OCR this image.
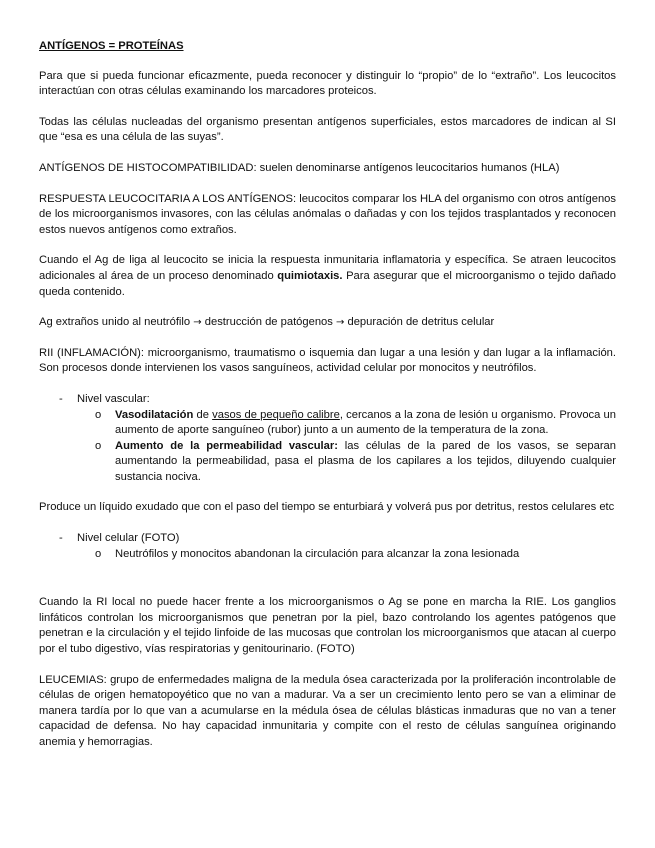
ANTÍGENOS = PROTEÍNAS

Para que si pueda funcionar eficazmente, pueda reconocer y distinguir lo “propio” de lo “extraño”. Los leucocitos interactúan con otras células examinando los marcadores proteicos.

Todas las células nucleadas del organismo presentan antígenos superficiales, estos marcadores de indican al SI que “esa es una célula de las suyas”.

ANTÍGENOS DE HISTOCOMPATIBILIDAD: suelen denominarse antígenos leucocitarios humanos (HLA)

RESPUESTA LEUCOCITARIA A LOS ANTÍGENOS: leucocitos comparar los HLA del organismo con otros antígenos de los microorganismos invasores, con las células anómalas o dañadas y con los tejidos trasplantados y reconocen estos nuevos antígenos como extraños.

Cuando el Ag de liga al leucocito se inicia la respuesta inmunitaria inflamatoria y específica. Se atraen leucocitos adicionales al área de un proceso denominado quimiotaxis. Para asegurar que el microorganismo o tejido dañado queda contenido.

Ag extraños unido al neutrófilo → destrucción de patógenos → depuración de detritus celular

RII (INFLAMACIÓN): microorganismo, traumatismo o isquemia dan lugar a una lesión y dan lugar a la inflamación. Son procesos donde intervienen los vasos sanguíneos, actividad celular por monocitos y neutrófilos.

- Nivel vascular:

o Vasodilatación de vasos de pequeño calibre, cercanos a la zona de lesión u organismo. Provoca un aumento de aporte sanguíneo (rubor) junto a un aumento de la temperatura de la zona.

o Aumento de la permeabilidad vascular: las células de la pared de los vasos, se separan aumentando la permeabilidad, pasa el plasma de los capilares a los tejidos, diluyendo cualquier sustancia nociva.

Produce un líquido exudado que con el paso del tiempo se enturbiará y volverá pus por detritus, restos celulares etc

- Nivel celular (FOTO)

o Neutrófilos y monocitos abandonan la circulación para alcanzar la zona lesionada

Cuando la RI local no puede hacer frente a los microorganismos o Ag se pone en marcha la RIE. Los ganglios linfáticos controlan los microorganismos que penetran por la piel, bazo controlando los agentes patógenos que penetran e la circulación y el tejido linfoide de las mucosas que controlan los microorganismos que atacan al cuerpo por el tubo digestivo, vías respiratorias y genitourinario. (FOTO)

LEUCEMIAS: grupo de enfermedades maligna de la medula ósea caracterizada por la proliferación incontrolable de células de origen hematopoyético que no van a madurar. Va a ser un crecimiento lento pero se van a eliminar de manera tardía por lo que van a acumularse en la médula ósea de células blásticas inmaduras que no van a tener capacidad de defensa. No hay capacidad inmunitaria y compite con el resto de células sanguínea originando anemia y hemorragias.
